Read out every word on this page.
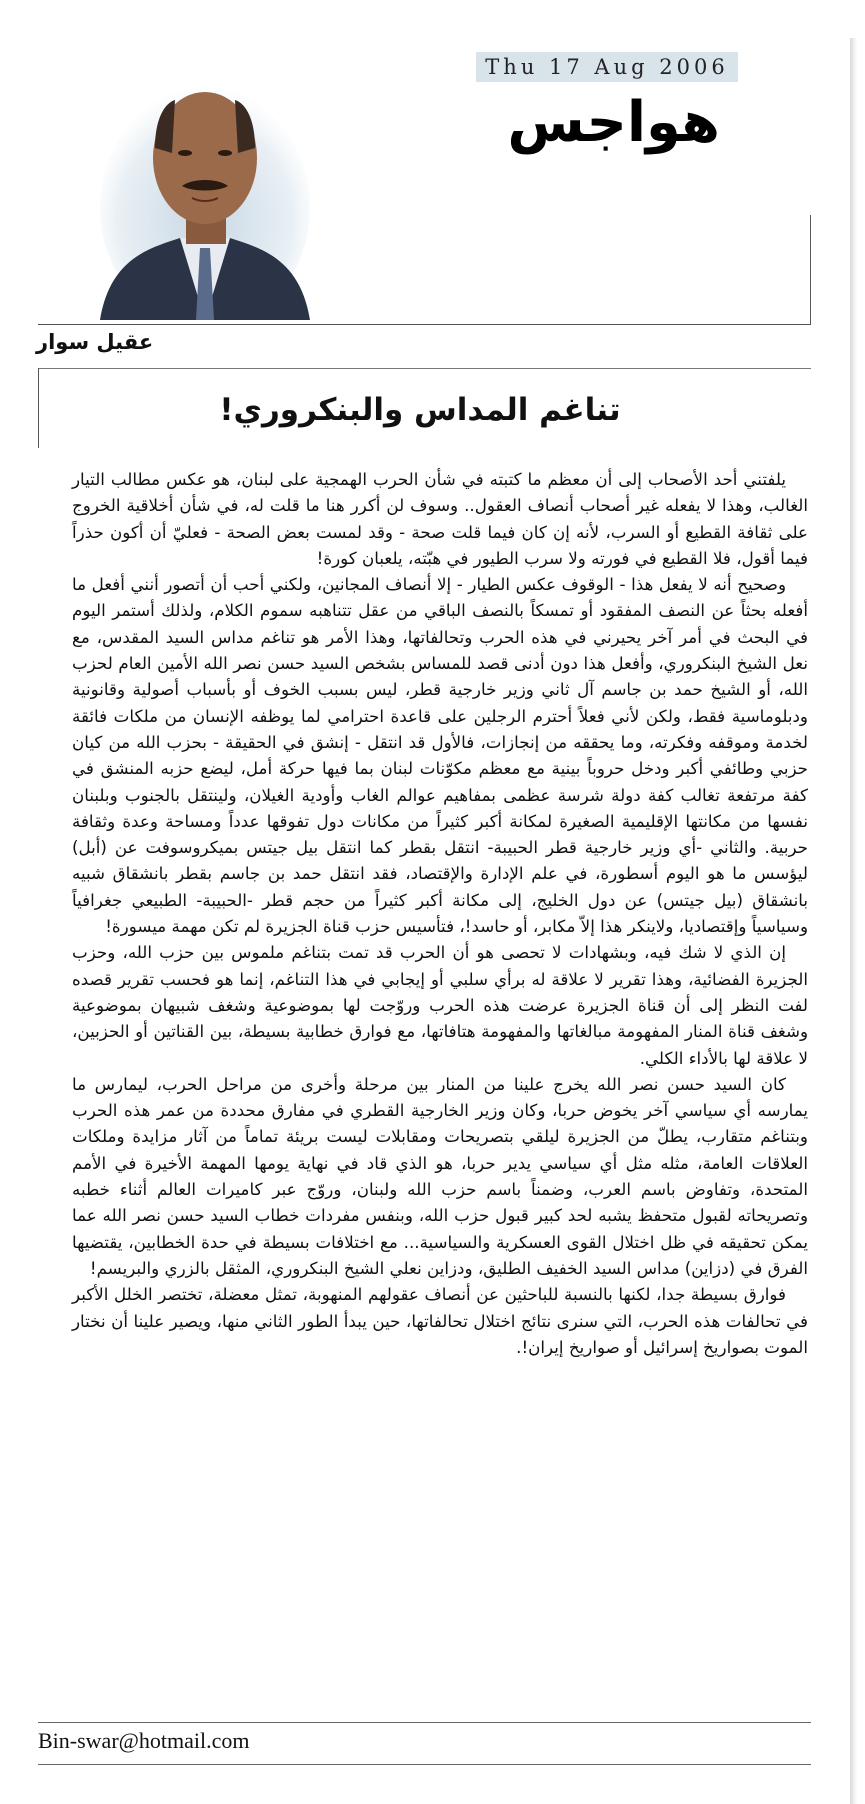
Thu 17 Aug 2006
هواجس
عقيل سوار
تناغم المداس والبنكروري!

يلفتني أحد الأصحاب إلى أن معظم ما كتبته في شأن الحرب الهمجية على لبنان، هو عكس مطالب التيار الغالب، وهذا لا يفعله غير أصحاب أنصاف العقول.. وسوف لن أكرر هنا ما قلت له، في شأن أخلاقية الخروج على ثقافة القطيع أو السرب، لأنه إن كان فيما قلت صحة - وقد لمست بعض الصحة - فعليّ أن أكون حذراً فيما أقول، فلا القطيع في فورته ولا سرب الطيور في هبّته، يلعبان كورة!

وصحيح أنه لا يفعل هذا - الوقوف عكس الطيار - إلا أنصاف المجانين، ولكني أحب أن أتصور أنني أفعل ما أفعله بحثاً عن النصف المفقود أو تمسكاً بالنصف الباقي من عقل تتناهبه سموم الكلام، ولذلك أستمر اليوم في البحث في أمر آخر يحيرني في هذه الحرب وتحالفاتها، وهذا الأمر هو تناغم مداس السيد المقدس، مع نعل الشيخ البنكروري، وأفعل هذا دون أدنى قصد للمساس بشخص السيد حسن نصر الله الأمين العام لحزب الله، أو الشيخ حمد بن جاسم آل ثاني وزير خارجية قطر، ليس بسبب الخوف أو بأسباب أصولية وقانونية ودبلوماسية فقط، ولكن لأني فعلاً أحترم الرجلين على قاعدة احترامي لما يوظفه الإنسان من ملكات فائقة لخدمة وموقفه وفكرته، وما يحققه من إنجازات، فالأول قد انتقل - إنشق في الحقيقة - بحزب الله من كيان حزبي وطائفي أكبر ودخل حروباً بينية مع معظم مكوّنات لبنان بما فيها حركة أمل، ليضع حزبه المنشق في كفة مرتفعة تغالب كفة دولة شرسة عظمى بمفاهيم عوالم الغاب وأودية الغيلان، ولينتقل بالجنوب وبلبنان نفسها من مكانتها الإقليمية الصغيرة لمكانة أكبر كثيراً من مكانات دول تفوقها عدداً ومساحة وعدة وثقافة حربية. والثاني -أي وزير خارجية قطر الحبيبة- انتقل بقطر كما انتقل بيل جيتس بميكروسوفت عن (أبل) ليؤسس ما هو اليوم أسطورة، في علم الإدارة والإقتصاد، فقد انتقل حمد بن جاسم بقطر بانشقاق شبيه بانشقاق (بيل جيتس) عن دول الخليج، إلى مكانة أكبر كثيراً من حجم قطر -الحبيبة- الطبيعي جغرافياً وسياسياً وإقتصاديا، ولاينكر هذا إلاّ مكابر، أو حاسد!، فتأسيس حزب قناة الجزيرة لم تكن مهمة ميسورة!

إن الذي لا شك فيه، وبشهادات لا تحصى هو أن الحرب قد تمت بتناغم ملموس بين حزب الله، وحزب الجزيرة الفضائية، وهذا تقرير لا علاقة له برأي سلبي أو إيجابي في هذا التناغم، إنما هو فحسب تقرير قصده لفت النظر إلى أن قناة الجزيرة عرضت هذه الحرب وروّجت لها بموضوعية وشغف شبيهان بموضوعية وشغف قناة المنار المفهومة مبالغاتها والمفهومة هتافاتها، مع فوارق خطابية بسيطة، بين القناتين أو الحزبين، لا علاقة لها بالأداء الكلي.

كان السيد حسن نصر الله يخرج علينا من المنار بين مرحلة وأخرى من مراحل الحرب، ليمارس ما يمارسه أي سياسي آخر يخوض حربا، وكان وزير الخارجية القطري في مفارق محددة من عمر هذه الحرب وبتناغم متقارب، يطلّ من الجزيرة ليلقي بتصريحات ومقابلات ليست بريئة تماماً من آثار مزايدة وملكات العلاقات العامة، مثله مثل أي سياسي يدير حربا، هو الذي قاد في نهاية يومها المهمة الأخيرة في الأمم المتحدة، وتفاوض باسم العرب، وضمناً باسم حزب الله ولبنان، وروّج عبر كاميرات العالم أثناء خطبه وتصريحاته لقبول متحفظ يشبه لحد كبير قبول حزب الله، وبنفس مفردات خطاب السيد حسن نصر الله عما يمكن تحقيقه في ظل اختلال القوى العسكرية والسياسية... مع اختلافات بسيطة في حدة الخطابين، يقتضيها الفرق في (دزاين) مداس السيد الخفيف الطليق، ودزاين نعلي الشيخ البنكروري، المثقل بالزري والبريسم!

فوارق بسيطة جدا، لكنها بالنسبة للباحثين عن أنصاف عقولهم المنهوبة، تمثل معضلة، تختصر الخلل الأكبر في تحالفات هذه الحرب، التي سنرى نتائج اختلال تحالفاتها، حين يبدأ الطور الثاني منها، ويصير علينا أن نختار الموت بصواريخ إسرائيل أو صواريخ إيران!.

Bin-swar@hotmail.com
